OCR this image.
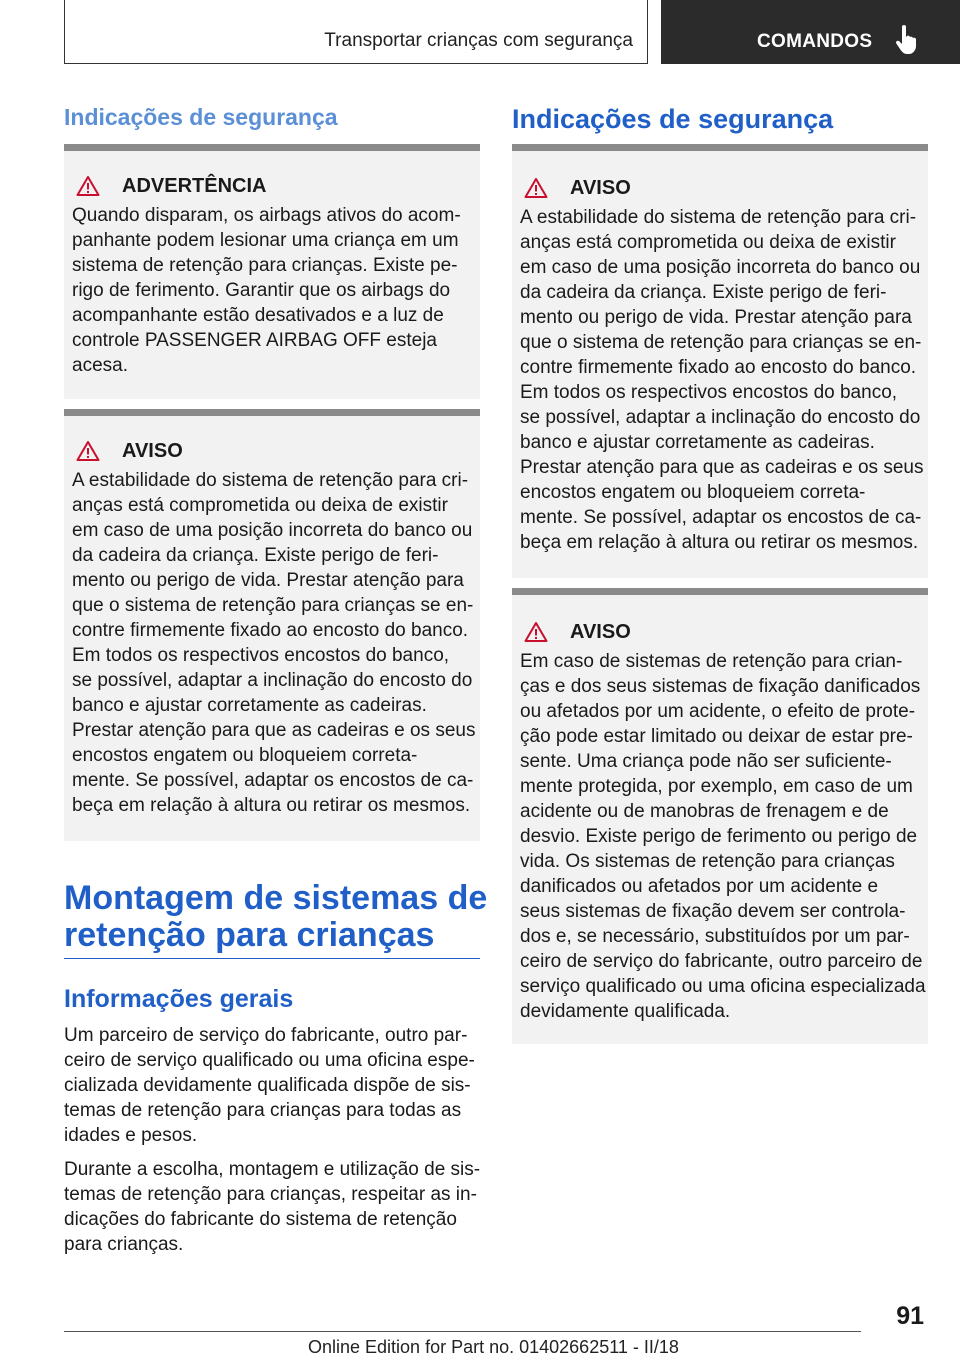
Transportar crianças com segurança	COMANDOS
Indicações de segurança
ADVERTÊNCIA
Quando disparam, os airbags ativos do acom-
panhante podem lesionar uma criança em um
sistema de retenção para crianças. Existe pe-
rigo de ferimento. Garantir que os airbags do
acompanhante estão desativados e a luz de
controle PASSENGER AIRBAG OFF esteja
acesa.
AVISO
A estabilidade do sistema de retenção para cri-
anças está comprometida ou deixa de existir
em caso de uma posição incorreta do banco ou
da cadeira da criança. Existe perigo de feri-
mento ou perigo de vida. Prestar atenção para
que o sistema de retenção para crianças se en-
contre firmemente fixado ao encosto do banco.
Em todos os respectivos encostos do banco,
se possível, adaptar a inclinação do encosto do
banco e ajustar corretamente as cadeiras.
Prestar atenção para que as cadeiras e os seus
encostos engatem ou bloqueiem correta-
mente. Se possível, adaptar os encostos de ca-
beça em relação à altura ou retirar os mesmos.
Montagem de sistemas de
retenção para crianças
Informações gerais

Um parceiro de serviço do fabricante, outro par-
ceiro de serviço qualificado ou uma oficina espe-
cializada devidamente qualificada dispõe de sis-
temas de retenção para crianças para todas as
idades e pesos.

Durante a escolha, montagem e utilização de sis-
temas de retenção para crianças, respeitar as in-
dicações do fabricante do sistema de retenção
para crianças.

Indicações de segurança
AVISO
A estabilidade do sistema de retenção para cri-
anças está comprometida ou deixa de existir
em caso de uma posição incorreta do banco ou
da cadeira da criança. Existe perigo de feri-
mento ou perigo de vida. Prestar atenção para
que o sistema de retenção para crianças se en-
contre firmemente fixado ao encosto do banco.
Em todos os respectivos encostos do banco,
se possível, adaptar a inclinação do encosto do
banco e ajustar corretamente as cadeiras.
Prestar atenção para que as cadeiras e os seus
encostos engatem ou bloqueiem correta-
mente. Se possível, adaptar os encostos de ca-
beça em relação à altura ou retirar os mesmos.
AVISO
Em caso de sistemas de retenção para crian-
ças e dos seus sistemas de fixação danificados
ou afetados por um acidente, o efeito de prote-
ção pode estar limitado ou deixar de estar pre-
sente. Uma criança pode não ser suficiente-
mente protegida, por exemplo, em caso de um
acidente ou de manobras de frenagem e de
desvio. Existe perigo de ferimento ou perigo de
vida. Os sistemas de retenção para crianças
danificados ou afetados por um acidente e
seus sistemas de fixação devem ser controla-
dos e, se necessário, substituídos por um par-
ceiro de serviço do fabricante, outro parceiro de
serviço qualificado ou uma oficina especializada
devidamente qualificada.
91
Online Edition for Part no. 01402662511 - II/18
